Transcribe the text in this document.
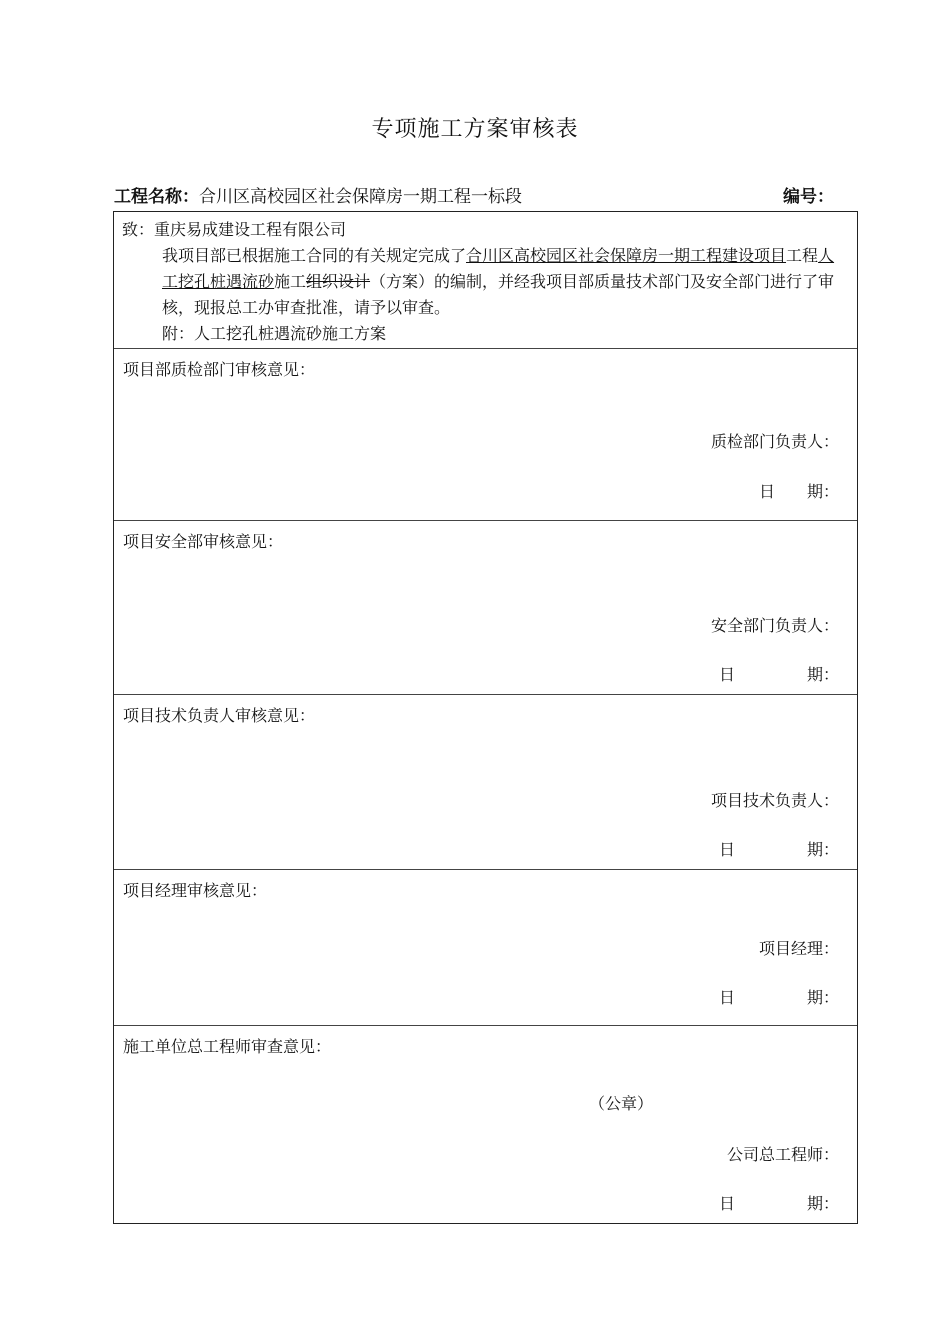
专项施工方案审核表
工程名称：合川区高校园区社会保障房一期工程一标段	编号：

致：重庆易成建设工程有限公司

我项目部已根据施工合同的有关规定完成了合川区高校园区社会保障房一期工程建设项目工程人工挖孔桩遇流砂施工组织设计（方案）的编制，并经我项目部质量技术部门及安全部门进行了审核，现报总工办审查批准，请予以审查。

附：人工挖孔桩遇流砂施工方案

项目部质检部门审核意见：
质检部门负责人：
日 期：
项目安全部审核意见：
安全部门负责人：
日	期：
项目技术负责人审核意见：
项目技术负责人：
日	期：
项目经理审核意见：
项目经理：
日	期：
施工单位总工程师审查意见：
（公章）
公司总工程师：
日	期：
